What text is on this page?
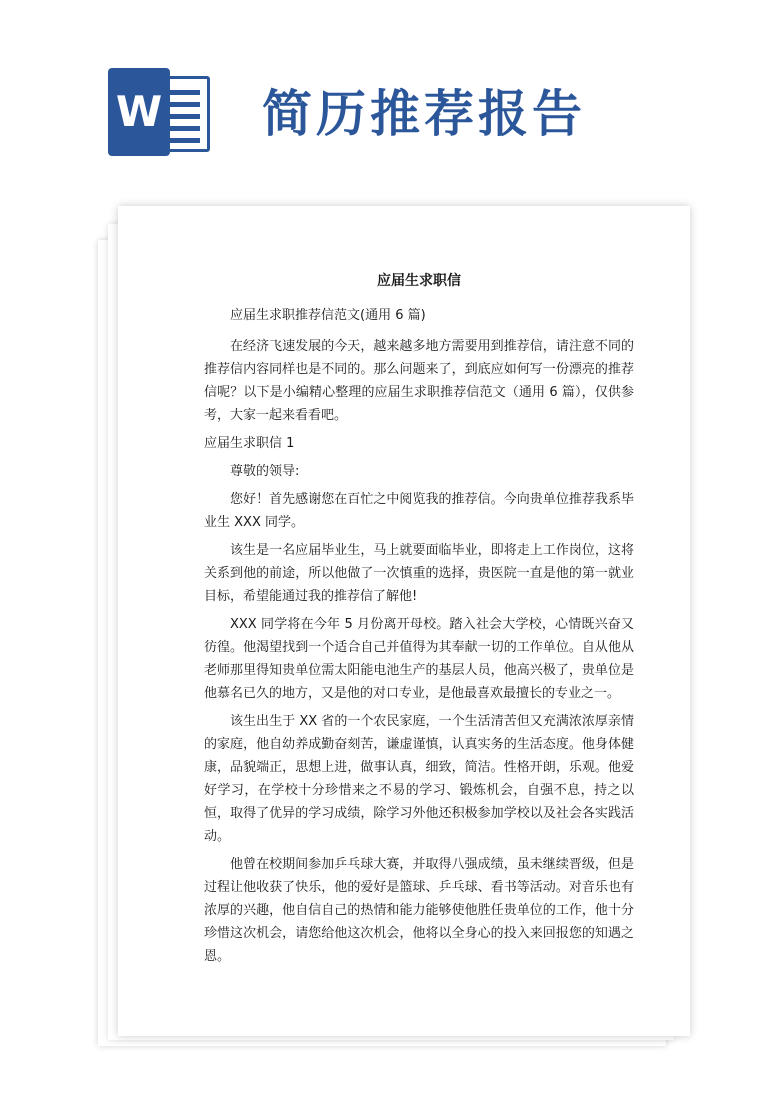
W 简历推荐报告
应届生求职信

应届生求职推荐信范文(通用 6 篇)

在经济飞速发展的今天，越来越多地方需要用到推荐信，请注意不同的推荐信内容同样也是不同的。那么问题来了，到底应如何写一份漂亮的推荐信呢？以下是小编精心整理的应届生求职推荐信范文（通用 6 篇），仅供参考，大家一起来看看吧。

应届生求职信 1

尊敬的领导:

您好！首先感谢您在百忙之中阅览我的推荐信。今向贵单位推荐我系毕业生 XXX 同学。

该生是一名应届毕业生，马上就要面临毕业，即将走上工作岗位，这将关系到他的前途，所以他做了一次慎重的选择，贵医院一直是他的第一就业目标，希望能通过我的推荐信了解他!

XXX 同学将在今年 5 月份离开母校。踏入社会大学校，心情既兴奋又彷徨。他渴望找到一个适合自己并值得为其奉献一切的工作单位。自从他从老师那里得知贵单位需太阳能电池生产的基层人员，他高兴极了，贵单位是他慕名已久的地方，又是他的对口专业，是他最喜欢最擅长的专业之一。

该生出生于 XX 省的一个农民家庭，一个生活清苦但又充满浓浓厚亲情的家庭，他自幼养成勤奋刻苦，谦虚谨慎，认真实务的生活态度。他身体健康，品貌端正，思想上进，做事认真，细致，简洁。性格开朗，乐观。他爱好学习，在学校十分珍惜来之不易的学习、锻炼机会，自强不息，持之以恒，取得了优异的学习成绩，除学习外他还积极参加学校以及社会各实践活动。

他曾在校期间参加乒乓球大赛，并取得八强成绩，虽未继续晋级，但是过程让他收获了快乐，他的爱好是篮球、乒乓球、看书等活动。对音乐也有浓厚的兴趣，他自信自己的热情和能力能够使他胜任贵单位的工作，他十分珍惜这次机会，请您给他这次机会，他将以全身心的投入来回报您的知遇之恩。
